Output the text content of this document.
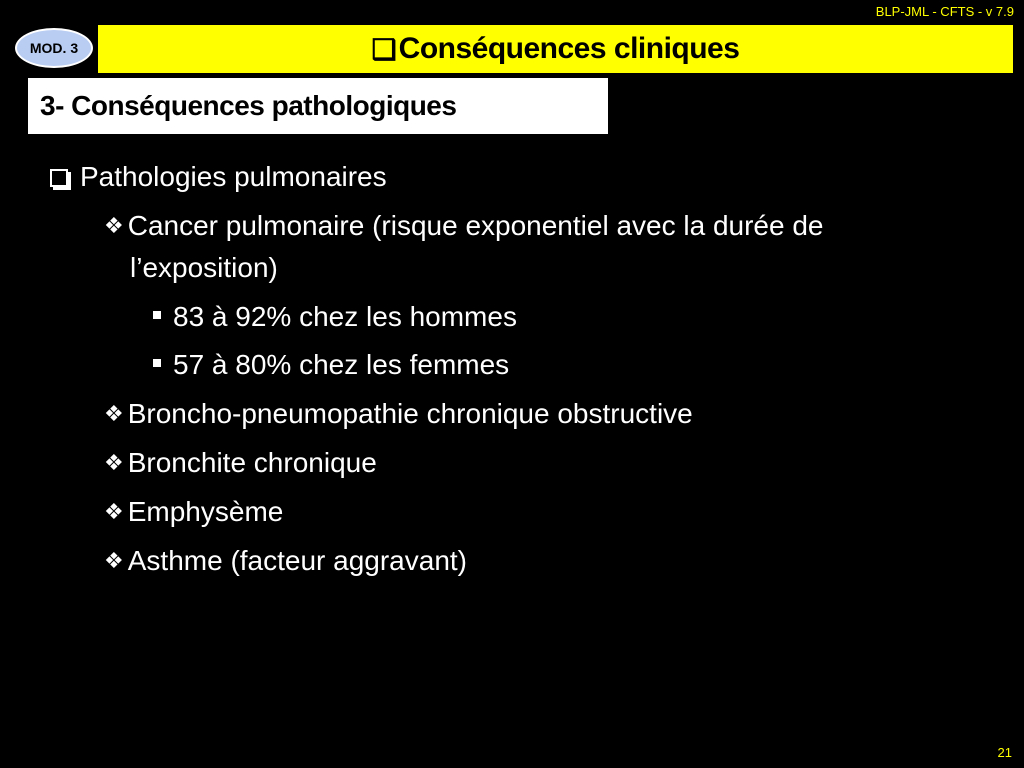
BLP-JML - CFTS - v 7.9
MOD. 3	❑ Conséquences cliniques
3- Conséquences pathologiques
Pathologies pulmonaires
❖ Cancer pulmonaire (risque exponentiel avec la durée de
l’exposition)
83 à 92% chez les hommes
57 à 80% chez les femmes
❖ Broncho-pneumopathie chronique obstructive
❖ Bronchite chronique
❖ Emphysème
❖ Asthme (facteur aggravant)
21
